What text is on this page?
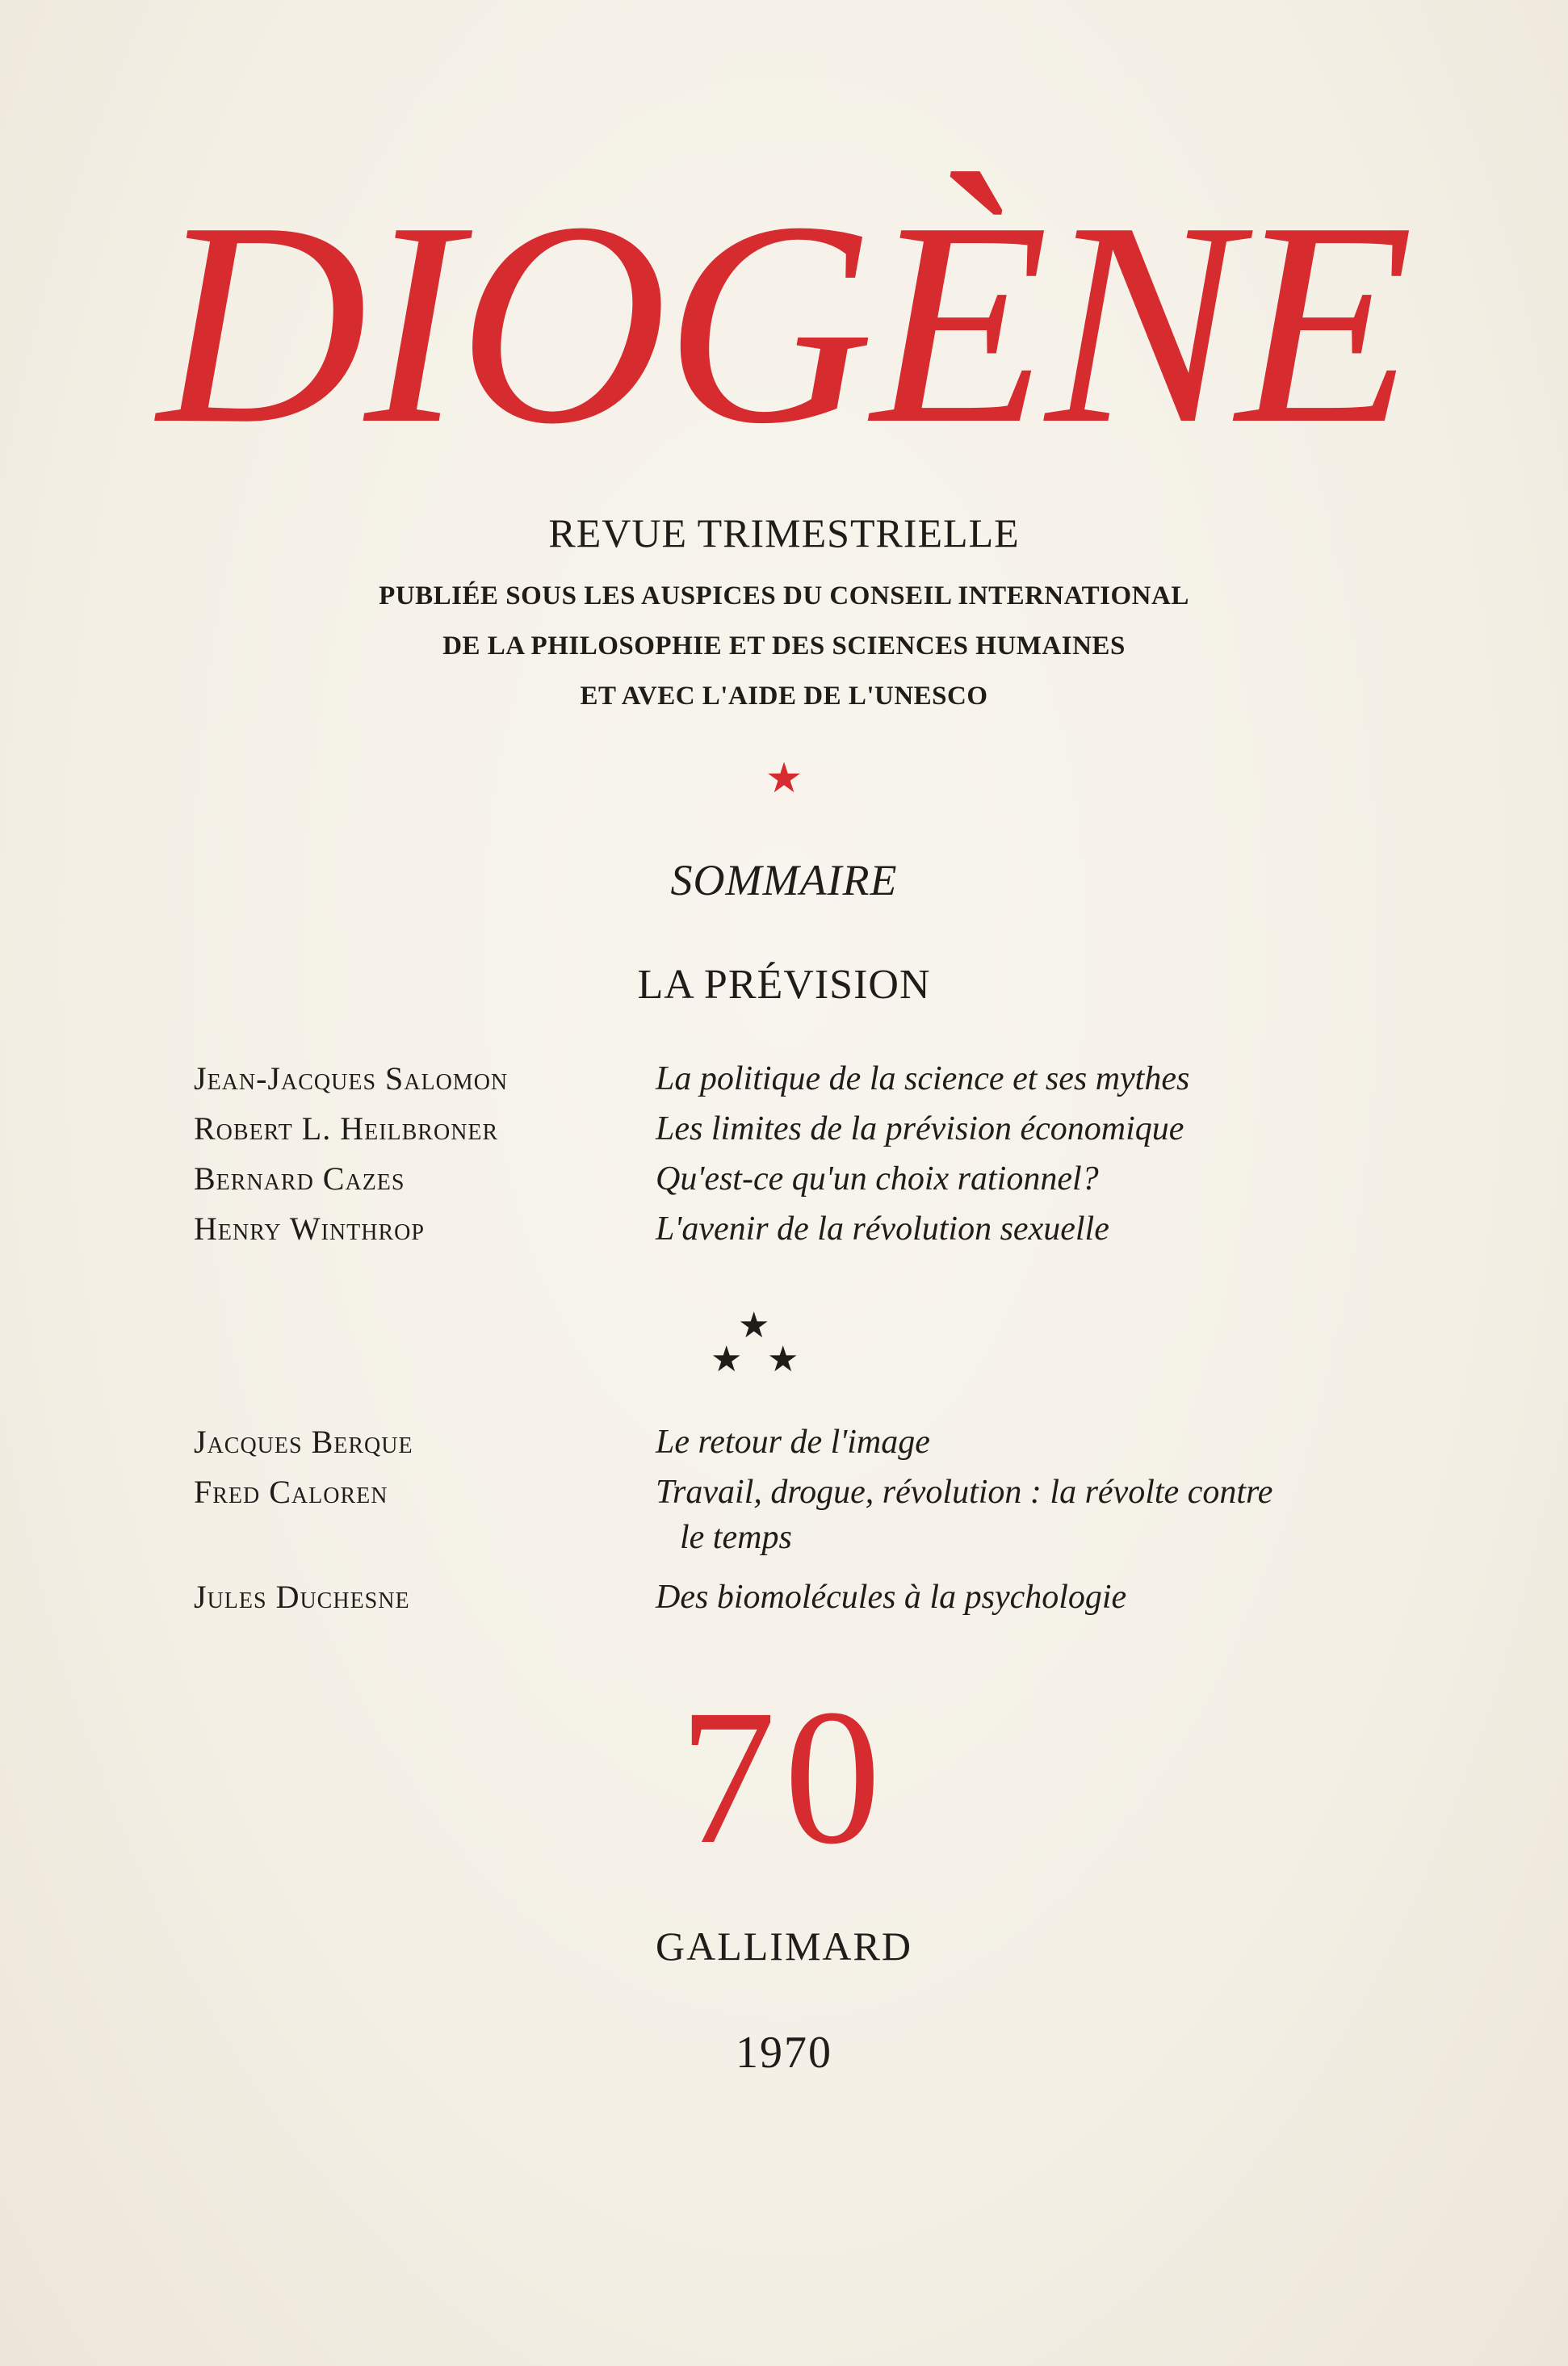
DIOGÈNE
REVUE TRIMESTRIELLE
PUBLIÉE SOUS LES AUSPICES DU CONSEIL INTERNATIONAL
DE LA PHILOSOPHIE ET DES SCIENCES HUMAINES
ET AVEC L'AIDE DE L'UNESCO
★
SOMMAIRE
LA PRÉVISION
Jean-Jacques Salomon	La politique de la science et ses mythes
Robert L. Heilbroner	Les limites de la prévision économique
Bernard Cazes	Qu'est-ce qu'un choix rationnel?
Henry Winthrop	L'avenir de la révolution sexuelle
★
★ ★
Jacques Berque	Le retour de l'image
Fred Caloren	Travail, drogue, révolution : la révolte contre
le temps
Jules Duchesne	Des biomolécules à la psychologie
70
GALLIMARD
1970
